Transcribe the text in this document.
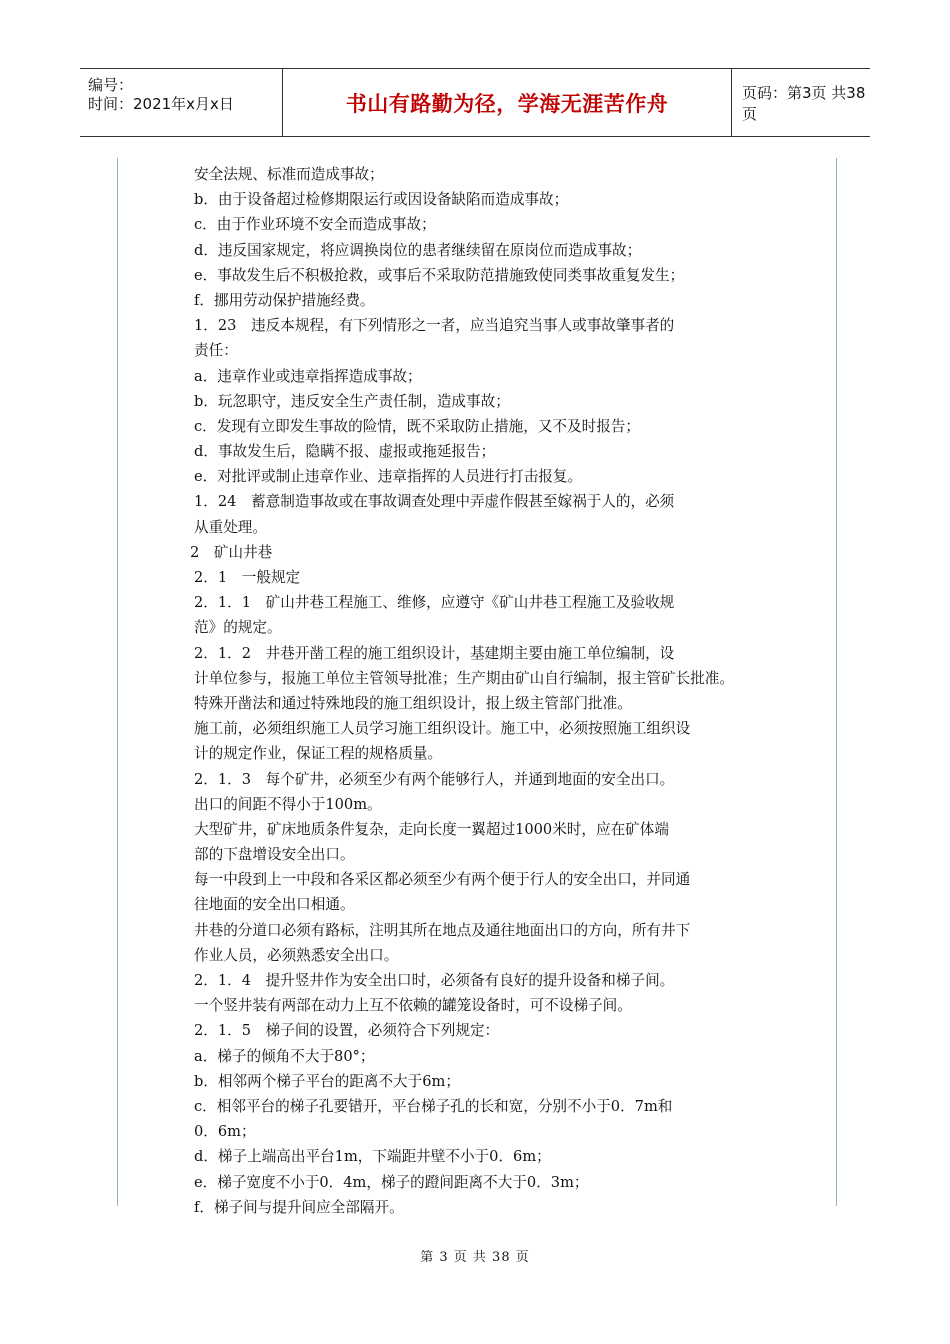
编号：
时间：2021年x月x日	书山有路勤为径，学海无涯苦作舟	页码：第3页 共38页
安全法规、标准而造成事故；
b．由于设备超过检修期限运行或因设备缺陷而造成事故；
c．由于作业环境不安全而造成事故；
d．违反国家规定，将应调换岗位的患者继续留在原岗位而造成事故；
e．事故发生后不积极抢救，或事后不采取防范措施致使同类事故重复发生；
f．挪用劳动保护措施经费。
1．23　违反本规程，有下列情形之一者，应当追究当事人或事故肇事者的
责任：
a．违章作业或违章指挥造成事故；
b．玩忽职守，违反安全生产责任制，造成事故；
c．发现有立即发生事故的险情，既不采取防止措施，又不及时报告；
d．事故发生后，隐瞒不报、虚报或拖延报告；
e．对批评或制止违章作业、违章指挥的人员进行打击报复。
1．24　蓄意制造事故或在事故调查处理中弄虚作假甚至嫁祸于人的，必须
从重处理。
2　矿山井巷
2．1　一般规定
2．1．1　矿山井巷工程施工、维修，应遵守《矿山井巷工程施工及验收规
范》的规定。
2．1．2　井巷开凿工程的施工组织设计，基建期主要由施工单位编制，设
计单位参与，报施工单位主管领导批准；生产期由矿山自行编制，报主管矿长批准。
特殊开凿法和通过特殊地段的施工组织设计，报上级主管部门批准。
施工前，必须组织施工人员学习施工组织设计。施工中，必须按照施工组织设
计的规定作业，保证工程的规格质量。
2．1．3　每个矿井，必须至少有两个能够行人，并通到地面的安全出口。
出口的间距不得小于100m。
大型矿井，矿床地质条件复杂，走向长度一翼超过1000米时，应在矿体端
部的下盘增设安全出口。
每一中段到上一中段和各采区都必须至少有两个便于行人的安全出口，并同通
往地面的安全出口相通。
井巷的分道口必须有路标，注明其所在地点及通往地面出口的方向，所有井下
作业人员，必须熟悉安全出口。
2．1．4　提升竖井作为安全出口时，必须备有良好的提升设备和梯子间。
一个竖井装有两部在动力上互不依赖的罐笼设备时，可不设梯子间。
2．1．5　梯子间的设置，必须符合下列规定：
a．梯子的倾角不大于80°；
b．相邻两个梯子平台的距离不大于6m；
c．相邻平台的梯子孔要错开，平台梯子孔的长和宽，分别不小于0．7m和
0．6m；
d．梯子上端高出平台1m，下端距井壁不小于0．6m；
e．梯子宽度不小于0．4m，梯子的蹬间距离不大于0．3m；
f．梯子间与提升间应全部隔开。
第 3 页 共 38 页
